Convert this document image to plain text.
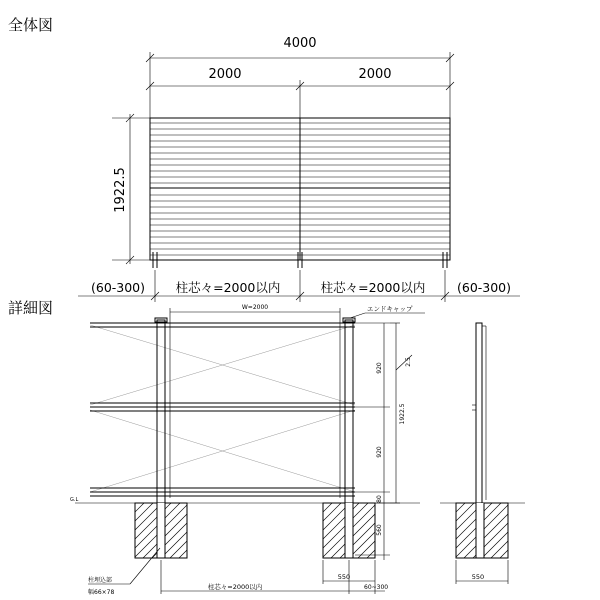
全体図
4000
2000	2000
1922.5
(60-300) 柱芯々=2000以内	柱芯々=2000以内	(60-300)
詳細図	W=2000	エンドキャップ
920
920
80
560
1922.5
2.5
G.L
550
60~300
柱芯々=2000以内
柱埋込部
幅66×78
550
